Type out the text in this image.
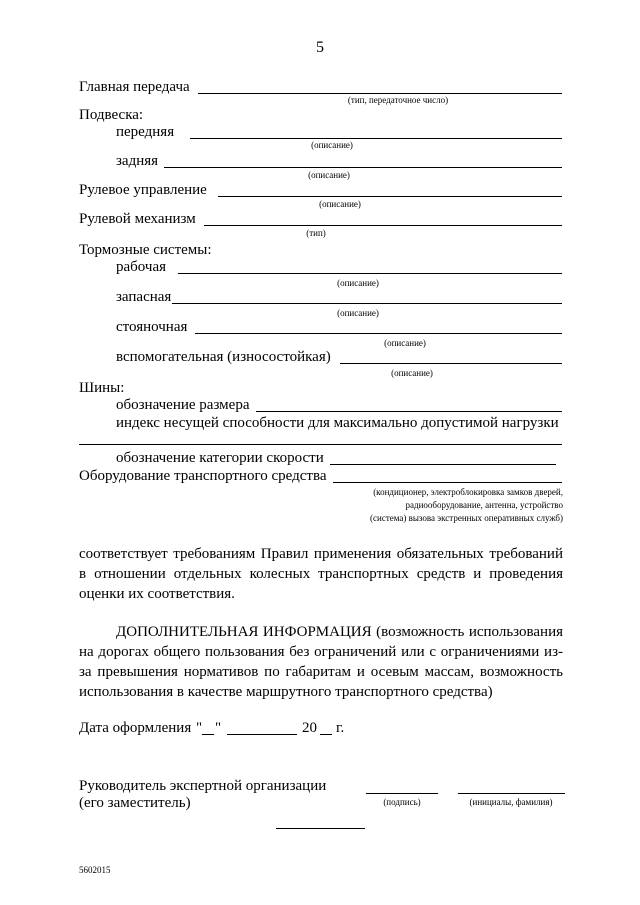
5
Главная передача
(тип, передаточное число)
Подвеска:
передняя
(описание)
задняя
(описание)
Рулевое управление
(описание)
Рулевой механизм
(тип)
Тормозные системы:
рабочая
(описание)
запасная
(описание)
стояночная
(описание)
вспомогательная (износостойкая)
(описание)
Шины:
обозначение размера
индекс несущей способности для максимально допустимой нагрузки
обозначение категории скорости
Оборудование транспортного средства
(кондиционер, электроблокировка замков дверей,
радиооборудование, антенна, устройство
(система) вызова экстренных оперативных служб)
соответствует требованиям Правил применения обязательных требований
в отношении отдельных колесных транспортных средств и проведения
оценки их соответствия.
ДОПОЛНИТЕЛЬНАЯ ИНФОРМАЦИЯ (возможность использования
на дорогах общего пользования без ограничений или с ограничениями из-
за превышения нормативов по габаритам и осевым массам, возможность
использования в качестве маршрутного транспортного средства)
Дата оформления " "	20 г.
Руководитель экспертной организации
(его заместитель)	(подпись)	(инициалы, фамилия)
5602015
